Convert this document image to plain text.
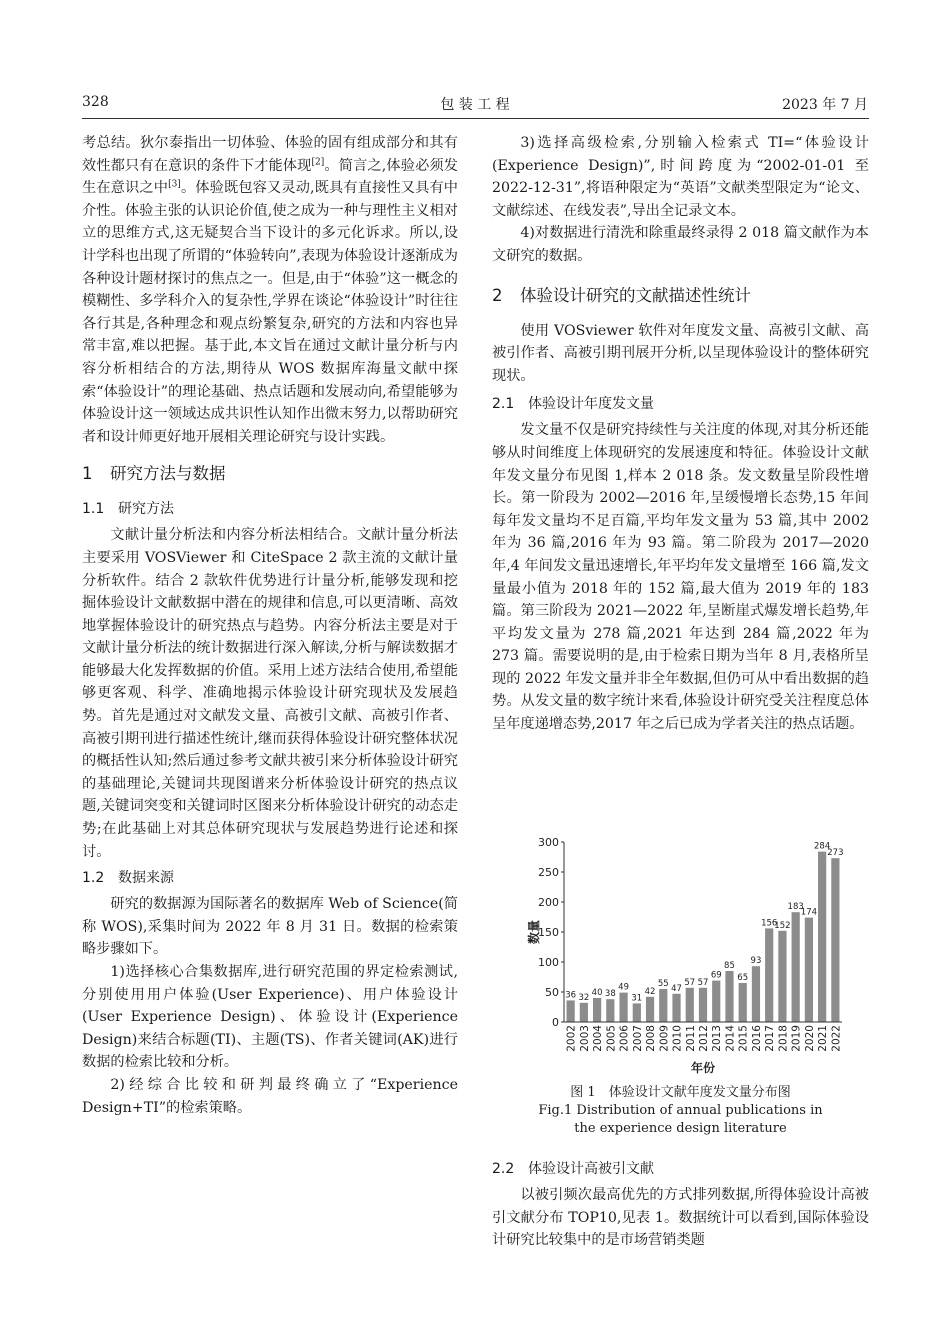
328	包 装 工 程	2023 年 7 月

考总结。狄尔泰指出一切体验、体验的固有组成部分和其有效性都只有在意识的条件下才能体现[2]。简言之,体验必须发生在意识之中[3]。体验既包容又灵动,既具有直接性又具有中介性。体验主张的认识论价值,使之成为一种与理性主义相对立的思维方式,这无疑契合当下设计的多元化诉求。所以,设计学科也出现了所谓的“体验转向”,表现为体验设计逐渐成为各种设计题材探讨的焦点之一。但是,由于“体验”这一概念的模糊性、多学科介入的复杂性,学界在谈论“体验设计”时往往各行其是,各种理念和观点纷繁复杂,研究的方法和内容也异常丰富,难以把握。基于此,本文旨在通过文献计量分析与内容分析相结合的方法,期待从 WOS 数据库海量文献中探索“体验设计”的理论基础、热点话题和发展动向,希望能够为体验设计这一领域达成共识性认知作出微末努力,以帮助研究者和设计师更好地开展相关理论研究与设计实践。

1 研究方法与数据
1.1 研究方法

文献计量分析法和内容分析法相结合。文献计量分析法主要采用 VOSViewer 和 CiteSpace 2 款主流的文献计量分析软件。结合 2 款软件优势进行计量分析,能够发现和挖掘体验设计文献数据中潜在的规律和信息,可以更清晰、高效地掌握体验设计的研究热点与趋势。内容分析法主要是对于文献计量分析法的统计数据进行深入解读,分析与解读数据才能够最大化发挥数据的价值。采用上述方法结合使用,希望能够更客观、科学、准确地揭示体验设计研究现状及发展趋势。首先是通过对文献发文量、高被引文献、高被引作者、高被引期刊进行描述性统计,继而获得体验设计研究整体状况的概括性认知;然后通过参考文献共被引来分析体验设计研究的基础理论,关键词共现图谱来分析体验设计研究的热点议题,关键词突变和关键词时区图来分析体验设计研究的动态走势;在此基础上对其总体研究现状与发展趋势进行论述和探讨。

1.2 数据来源

研究的数据源为国际著名的数据库 Web of Science(简称 WOS),采集时间为 2022 年 8 月 31 日。数据的检索策略步骤如下。

1)选择核心合集数据库,进行研究范围的界定检索测试,分别使用用户体验(User Experience)、用户体验设计(User Experience Design)、体验设计(Experience Design)来结合标题(TI)、主题(TS)、作者关键词(AK)进行数据的检索比较和分析。

2)经综合比较和研判最终确立了“Experience Design+TI”的检索策略。

3)选择高级检索,分别输入检索式 TI=“体验设计(Experience Design)”,时间跨度为“2002-01-01 至 2022-12-31”,将语种限定为“英语”文献类型限定为“论文、文献综述、在线发表”,导出全记录文本。

4)对数据进行清洗和除重最终录得 2 018 篇文献作为本文研究的数据。

2 体验设计研究的文献描述性统计

使用 VOSviewer 软件对年度发文量、高被引文献、高被引作者、高被引期刊展开分析,以呈现体验设计的整体研究现状。

2.1 体验设计年度发文量

发文量不仅是研究持续性与关注度的体现,对其分析还能够从时间维度上体现研究的发展速度和特征。体验设计文献年发文量分布见图 1,样本 2 018 条。发文数量呈阶段性增长。第一阶段为 2002—2016 年,呈缓慢增长态势,15 年间每年发文量均不足百篇,平均年发文量为 53 篇,其中 2002 年为 36 篇,2016 年为 93 篇。第二阶段为 2017—2020 年,4 年间发文量迅速增长,年平均年发文量增至 166 篇,发文量最小值为 2018 年的 152 篇,最大值为 2019 年的 183 篇。第三阶段为 2021—2022 年,呈断崖式爆发增长趋势,年平均发文量为 278 篇,2021 年达到 284 篇,2022 年为 273 篇。需要说明的是,由于检索日期为当年 8 月,表格所呈现的 2022 年发文量并非全年数据,但仍可从中看出数据的趋势。从发文量的数字统计来看,体验设计研究受关注程度总体呈年度递增态势,2017 年之后已成为学者关注的热点话题。

36 32 40 38
49
31
42
55 47
57 57
69
85
65
93
156
152
183
174
284
273
2002 2003 2004 2005 2006 2007 2008 2009 2010 2011 2012 2013 2014 2015 2016 2017 2018 2019 2020 2021 2022
0
50
100
150
200
250
300
数量
年份
图 1　体验设计文献年度发文量分布图
Fig.1 Distribution of annual publications in
the experience design literature
2.2 体验设计高被引文献

以被引频次最高优先的方式排列数据,所得体验设计高被引文献分布 TOP10,见表 1。数据统计可以看到,国际体验设计研究比较集中的是市场营销类题
